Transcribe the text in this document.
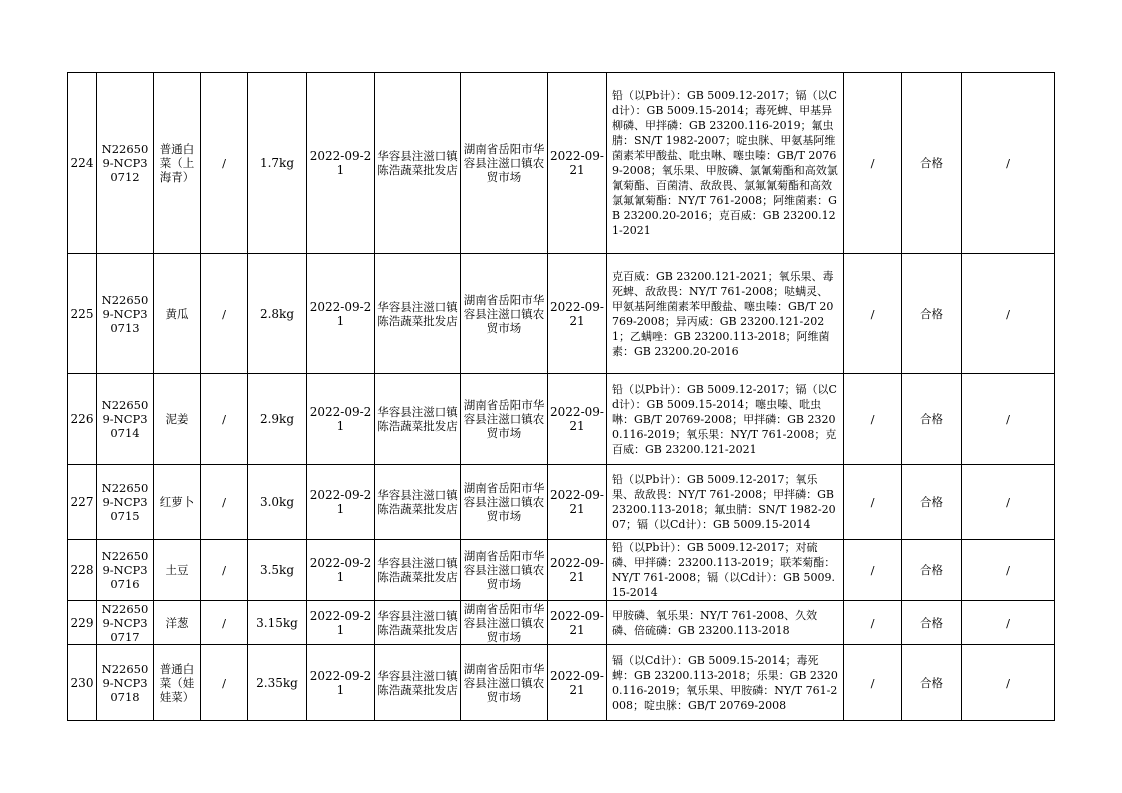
224	N226509-NCP30712	普通白菜（上海青）	/	1.7kg	2022-09-21	华容县注滋口镇陈浩蔬菜批发店	湖南省岳阳市华容县注滋口镇农贸市场	2022-09-21	铅（以Pb计）：GB 5009.12-2017；镉（以Cd计）：GB 5009.15-2014；毒死蜱、甲基异柳磷、甲拌磷：GB 23200.116-2019；氟虫腈：SN/T 1982-2007；啶虫脒、甲氨基阿维菌素苯甲酸盐、吡虫啉、噻虫嗪：GB/T 20769-2008；氧乐果、甲胺磷、氯氰菊酯和高效氯氰菊酯、百菌清、敌敌畏、氯氟氰菊酯和高效氯氟氰菊酯：NY/T 761-2008；阿维菌素：GB 23200.20-2016；克百威：GB 23200.121-2021	/	合格	/
225	N226509-NCP30713	黄瓜	/	2.8kg	2022-09-21	华容县注滋口镇陈浩蔬菜批发店	湖南省岳阳市华容县注滋口镇农贸市场	2022-09-21	克百威：GB 23200.121-2021；氧乐果、毒死蜱、敌敌畏：NY/T 761-2008；哒螨灵、甲氨基阿维菌素苯甲酸盐、噻虫嗪：GB/T 20769-2008；异丙威：GB 23200.121-2021；乙螨唑：GB 23200.113-2018；阿维菌素：GB 23200.20-2016	/	合格	/
226	N226509-NCP30714	泥姜	/	2.9kg	2022-09-21	华容县注滋口镇陈浩蔬菜批发店	湖南省岳阳市华容县注滋口镇农贸市场	2022-09-21	铅（以Pb计）：GB 5009.12-2017；镉（以Cd计）：GB 5009.15-2014；噻虫嗪、吡虫啉：GB/T 20769-2008；甲拌磷：GB 23200.116-2019；氧乐果：NY/T 761-2008；克百威：GB 23200.121-2021	/	合格	/
227	N226509-NCP30715	红萝卜	/	3.0kg	2022-09-21	华容县注滋口镇陈浩蔬菜批发店	湖南省岳阳市华容县注滋口镇农贸市场	2022-09-21	铅（以Pb计）：GB 5009.12-2017；氧乐果、敌敌畏：NY/T 761-2008；甲拌磷：GB 23200.113-2018；氟虫腈：SN/T 1982-2007；镉（以Cd计）：GB 5009.15-2014	/	合格	/
228	N226509-NCP30716	土豆	/	3.5kg	2022-09-21	华容县注滋口镇陈浩蔬菜批发店	湖南省岳阳市华容县注滋口镇农贸市场	2022-09-21	铅（以Pb计）：GB 5009.12-2017；对硫磷、甲拌磷：23200.113-2019；联苯菊酯：NY/T 761-2008；镉（以Cd计）：GB 5009.15-2014	/	合格	/
229	N226509-NCP30717	洋葱	/	3.15kg	2022-09-21	华容县注滋口镇陈浩蔬菜批发店	湖南省岳阳市华容县注滋口镇农贸市场	2022-09-21	甲胺磷、氧乐果：NY/T 761-2008、久效磷、倍硫磷：GB 23200.113-2018	/	合格	/
230	N226509-NCP30718	普通白菜（娃娃菜）	/	2.35kg	2022-09-21	华容县注滋口镇陈浩蔬菜批发店	湖南省岳阳市华容县注滋口镇农贸市场	2022-09-21	镉（以Cd计）：GB 5009.15-2014；毒死蜱：GB 23200.113-2018；乐果：GB 23200.116-2019；氧乐果、甲胺磷：NY/T 761-2008；啶虫脒：GB/T 20769-2008	/	合格	/
